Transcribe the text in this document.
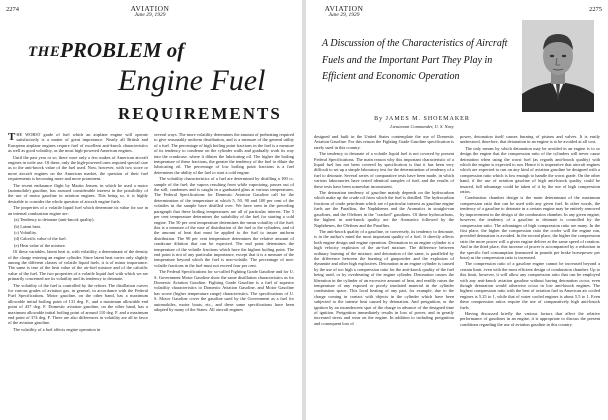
2274	AVIATION
June 29, 1929
THE PROBLEM of
Engine Fuel
REQUIREMENTS

THE WORST grade of fuel which an airplane engine will operate satisfactorily is a matter of great importance. Nearly all British and European airplane engines require fuel of excellent anti-knock characteristics as well as good volatility, as the most high-powered American engines.

Until the past year or so, there were only a few makes of American aircraft engines in wide use. Of these, only the high-powered ones required special care as to the anti-knock value of the fuel used. Now, however, with two score or more aircraft engines on the American market, the question of their fuel requirements is becoming more and more prominent.

The recent endurance flight by Martin Jensen, in which he used a motor (automobile) gasoline, has aroused considerable interest in the possibility of the use of motor gasoline in aviation engines. This being so, it is highly desirable to consider the whole question of aircraft engine fuels.

The properties of a volatile liquid fuel which determine its value for use in an internal combustion engine are:

(a) Tendency to detonate (anti-knock quality).

(b) Latent heat.

(c) Volatility.

(d) Calorific value of the fuel.

(e) Heat value of the mixture.

Of these variables, latent heat is, with volatility, a determinant of the density of the charge entering an engine cylinder. Since latent heat varies only slightly among the different classes of volatile liquid fuels, it is of minor importance. The same is true of the heat value of the air-fuel mixture and of the calorific value of the fuel. The two properties of a volatile liquid fuel with which we are primarily concerned are its volatility and its tendency to detonate.

The volatility of the fuel is controlled by the refiner. The distillation curves for various grades of aviation gas, in general, in accordance with the Federal Fuel Specifications. Motor gasoline, on the other hand, has a maximum allowable initial boiling point of 131 deg. F., and a maximum allowable end point of 437 deg. F. Domestic aviation gasoline, on the other hand, has a maximum allowable initial boiling point of around 110 deg. F. and a maximum end point of 374 deg. F. There are also differences in volatility are all in favor of the aviation gasoline.

The volatility of a fuel affects engine operation in

several ways. The more volatility determines the amount of preheating required to give reasonably uniform distribution, and is a measure of the general utility of a fuel. The percentage of high boiling point fractions in the fuel is a measure of its tendency to condense on the cylinder walls and gradually work its way into the crankcase, where it dilutes the lubricating oil. The higher the boiling temperature of these fractions, the greater the tendency of the fuel to dilute the lubricating oil. The percentage of low boiling point fractions is a fuel determines the ability of the fuel to start a cold engine.

The volatility characteristics of a fuel are determined by distilling a 100 cc. sample of the fuel; the vapors resulting from while vaporizing, passes out of the still, condenses and is caught in a graduated glass at various temperatures. The Federal Specifications for Domestic Aviation Gasoline call for the determination of the temperature at which 5, 50, 90 and 100 per cent of the volatiles in the sample have distilled over. We have seen in the preceding paragraph that these boiling temperatures are all of particular interest. The 5 per cent temperature determines the suitability of the fuel for starting a cold engine. The 50 per cent temperature determines the mean volatility of the fuel; this is a measure of the ease of distribution of the fuel to the cylinders, and of the amount of heat that must be applied to the fuel to insure uniform distribution. The 90 per cent temperature determines the relative amount of crankcase dilution that can be expected. The end point determines the temperature of the volatile fractions which have the highest boiling point. The end point is not of any particular importance, except that it is a measure of the temperature beyond which the fuel is non-volatile. The percentage of non-volatile fractions in the fuel must not exceed four per cent.

The Federal Specifications for so-called Fighting Grade Gasoline and for U. S. Government Motor Gasoline show the same distillation characteristics as for Domestic Aviation Gasoline. Fighting Grade Gasoline is a fuel of superior volatility characteristics to Domestic Aviation Gasoline, and Motor Gasoline has worse (higher temperature range) characteristics. The specifications of U. S. Motor Gasoline cover the gasoline used by the Government as a fuel for automobiles, motor boats, etc., and these same specifications have been adopted by many of the States. All aircraft engines

AVIATION
June 29, 1929
2275
A Discussion of the Characteristics of Aircraft Fuels and the Important Part They Play in Efficient and Economic Operation
By JAMES M. SHOEMAKER
Lieutenant Commander, U. S. Navy

designed and built in the United States contemplate the use of Domestic Aviation Gasoline. For this reason the Fighting Grade Gasoline specification is rarely used in this country.

The tendency to detonate of a volatile liquid fuel is not covered by present Federal Specifications. The main reason why this important characteristic of a liquid fuel has not been covered by specification is that it has been very difficult to set up a simple laboratory test for the determination of tendency of a fuel to detonate. Several series of comparative tests have been made, in which various laboratories have tested identical samples of fuel, and the results of these tests have been somewhat inconsistent.

The detonation tendency of gasoline mainly depends on the hydrocarbon which make up the crude oil from which the fuel is distilled. The hydrocarbon fractions of crude petroleum which are of particular interest as gasoline engine fuels are the Paraffins, the Naphthenes and the Aromatics in straight-run gasolines, and the Olefines in the "cracked" gasolines. Of these hydrocarbons, the highest in anti-knock quality are the Aromatics followed by the Naphthenes, the Olefines and the Paraffins.

The anti-knock quality of a gasoline, or conversely, its tendency to detonate, is in the author's mind the most important quality of a fuel. It directly affects both engine design and engine operation. Detonation in an engine cylinder is a high velocity explosion of the air-fuel mixture. The difference between ordinary burning of the mixture, and detonation of the same, is paralleled by the difference between the burning of gunpowder and the explosion of dynamite and other high explosives. Detonation in an engine cylinder is caused by the use of too high a compression ratio for the anti-knock quality of the fuel being used, or by overheating of the engine cylinder. Detonation causes the liberation in the cylinder of an excessive amount of heat, and readily raises the temperature of any exposed or poorly insulated material in the cylinder combustion space. This local heating of any part, for example, due to the charge coming in contact with objects in the cylinder which have been subjected to the intense heat caused by detonation. And preignition, or the ignition by an incandescent spot of the charge in advance of the designed time of ignition. Preignition immediately results in loss of power, and in greatly increased stress and wear on the engine. In addition to including preignition and consequent loss of

power, detonation itself causes burning of pistons and valves. It is easily understood, therefore, that detonation in an engine is to be avoided at all cost.

The only means by which detonation may be avoided in an engine is to so design the engine that the compression ratio of the cylinders will never cause detonation when using the worst fuel (as regards anti-knock quality) with which the engine is expected to run. Hence it is imperative that aircraft engines which are expected to run on any kind of aviation gasoline be designed with a compression ratio which is low enough to handle the worst grade. On the other hand, if the use of aviation gasoline of high anti-knock quality could be insured, full advantage could be taken of it by the use of high compression ratios.

Combustion chamber design is the main determinant of the maximum compression ratio that can be used with any given fuel. In other words, the tendency of a gasoline to detonate in a certain engine may be entirely removed by improvement in the design of the combustion chamber. In any given engine, however, the tendency of a gasoline to detonate is controlled by the compression ratio. The advantages of high compression ratio are many. In the first place, the higher the compression ratio the cooler will the engine run, provided detonation is avoided. In the second place, the higher the compression ratio the more power will a given engine deliver at the same speed of rotation. And in the third place, this increase of power is accompanied by a reduction in the specific fuel consumption (measured in pounds per brake horsepower per hour) as the compression ratio is increased.

The compression ratio of a gasoline engine cannot be increased beyond a certain limit, even with the most efficient design of combustion chamber. Up to this limit, however, it will allow any compression ratio that can be employed with any anti-knock aviation gasoline without having detonation occur, even though detonation would otherwise occur in low anti-knock engines. The highest compression ratio with the best of aviation fuel in American air cooled engines is 5.25 to 1, while that of water cooled engines is about 5.5 to 1. Even these compression ratios require the use of comparatively high anti-knock fuels.

Having discussed briefly the various factors that affect the relative performance of gasolines in an engine, it is appropriate to discuss the present conditions regarding the use of aviation gasoline in this country.
